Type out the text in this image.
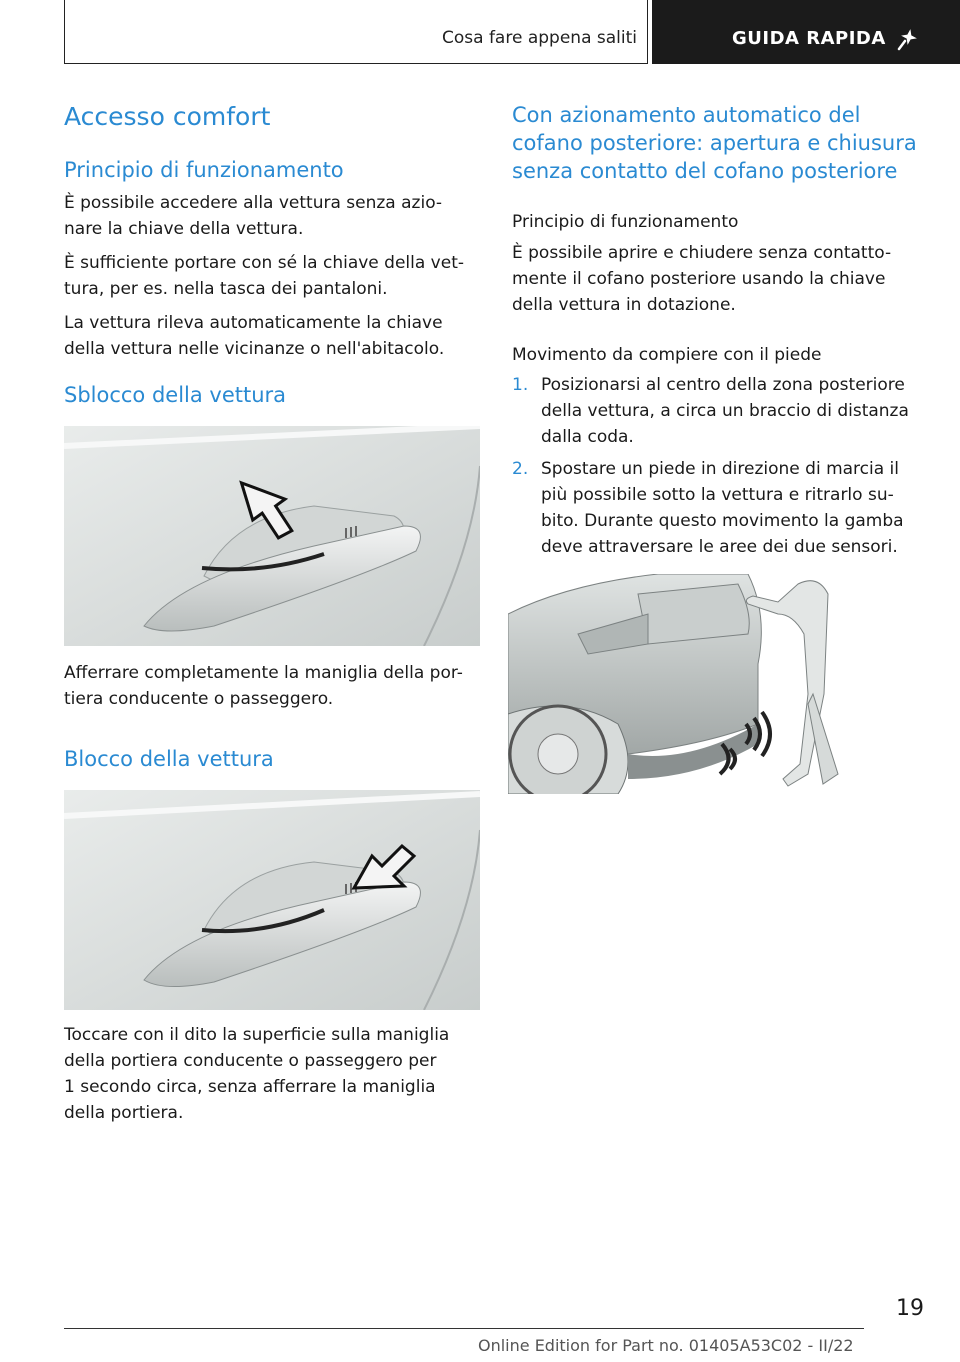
Cosa fare appena saliti	GUIDA RAPIDA
Accesso comfort
Principio di funzionamento

È possibile accedere alla vettura senza azio-

nare la chiave della vettura.

È sufficiente portare con sé la chiave della vet-

tura, per es. nella tasca dei pantaloni.

La vettura rileva automaticamente la chiave

della vettura nelle vicinanze o nell'abitacolo.

Sblocco della vettura

Afferrare completamente la maniglia della por-

tiera conducente o passeggero.

Blocco della vettura

Toccare con il dito la superficie sulla maniglia

della portiera conducente o passeggero per

1 secondo circa, senza afferrare la maniglia

della portiera.

Con azionamento automatico del
cofano posteriore: apertura e chiusura
senza contatto del cofano posteriore
Principio di funzionamento

È possibile aprire e chiudere senza contatto-

mente il cofano posteriore usando la chiave

della vettura in dotazione.

Movimento da compiere con il piede
1. Posizionarsi al centro della zona posteriore

della vettura, a circa un braccio di distanza

dalla coda.

2. Spostare un piede in direzione di marcia il

più possibile sotto la vettura e ritrarlo su-

bito. Durante questo movimento la gamba

deve attraversare le aree dei due sensori.

19
Online Edition for Part no. 01405A53C02 - II/22
